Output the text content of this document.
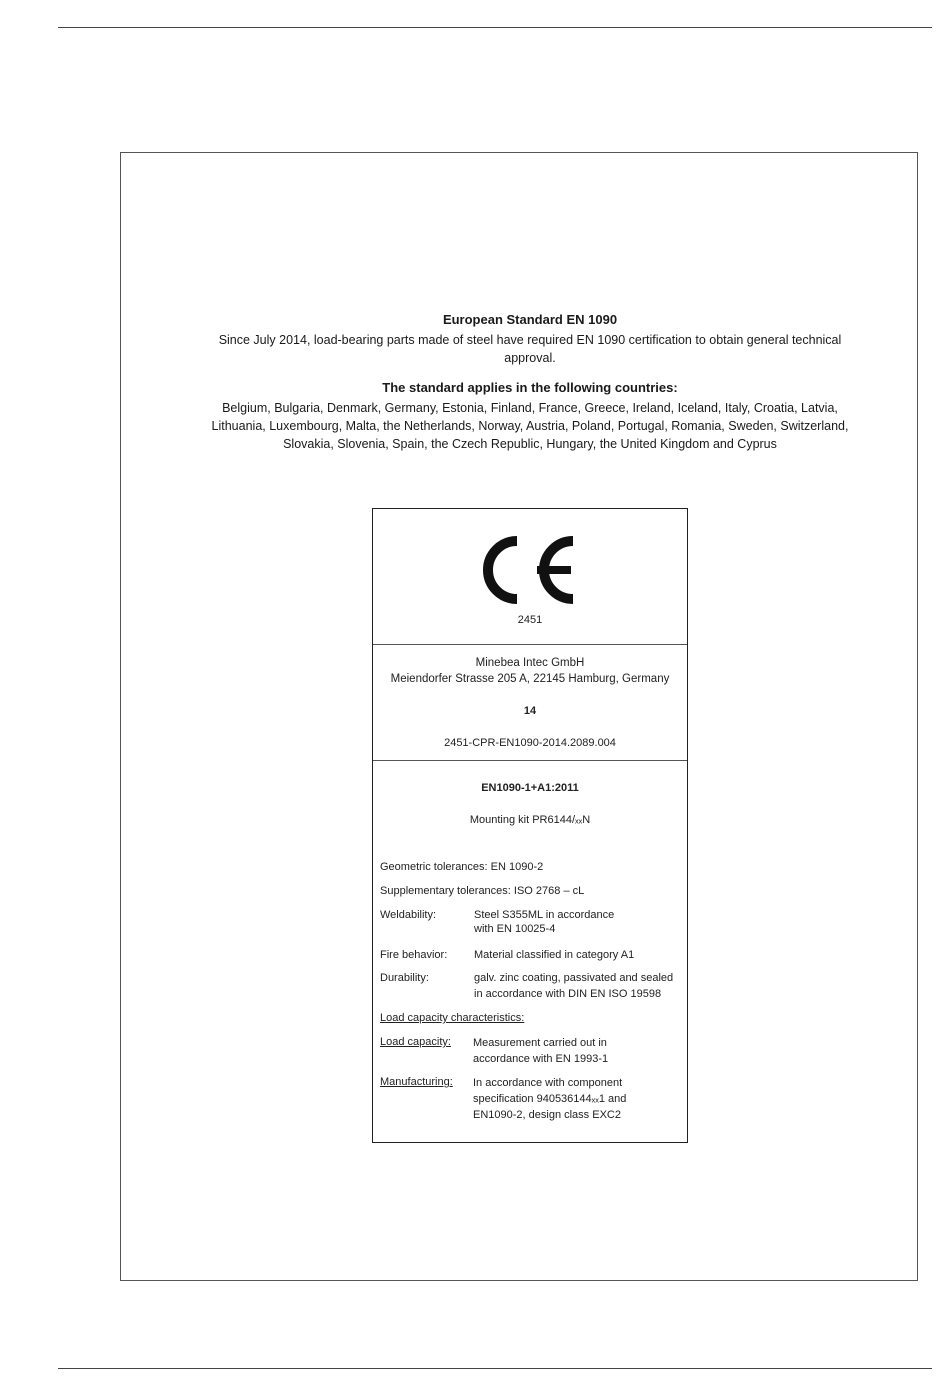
European Standard EN 1090

Since July 2014, load-bearing parts made of steel have required EN 1090 certification to obtain general technical approval.

The standard applies in the following countries:

Belgium, Bulgaria, Denmark, Germany, Estonia, Finland, France, Greece, Ireland, Iceland, Italy, Croatia, Latvia, Lithuania, Luxembourg, Malta, the Netherlands, Norway, Austria, Poland, Portugal, Romania, Sweden, Switzerland, Slovakia, Slovenia, Spain, the Czech Republic, Hungary, the United Kingdom and Cyprus

2451
Minebea Intec GmbH
Meiendorfer Strasse 205 A, 22145 Hamburg, Germany
14
2451-CPR-EN1090-2014.2089.004
EN1090-1+A1:2011
Mounting kit PR6144/ₓₓN
Geometric tolerances: EN 1090-2
Supplementary tolerances: ISO 2768 – cL
Weldability:	Steel S355ML in accordance
with EN 10025-4
Fire behavior: Material classified in category A1
Durability:	galv. zinc coating, passivated and sealed
in accordance with DIN EN ISO 19598
Load capacity characteristics:
Load capacity: Measurement carried out in
accordance with EN 1993-1
Manufacturing: In accordance with component
specification 940536144ₓₓ1 and
EN1090-2, design class EXC2
